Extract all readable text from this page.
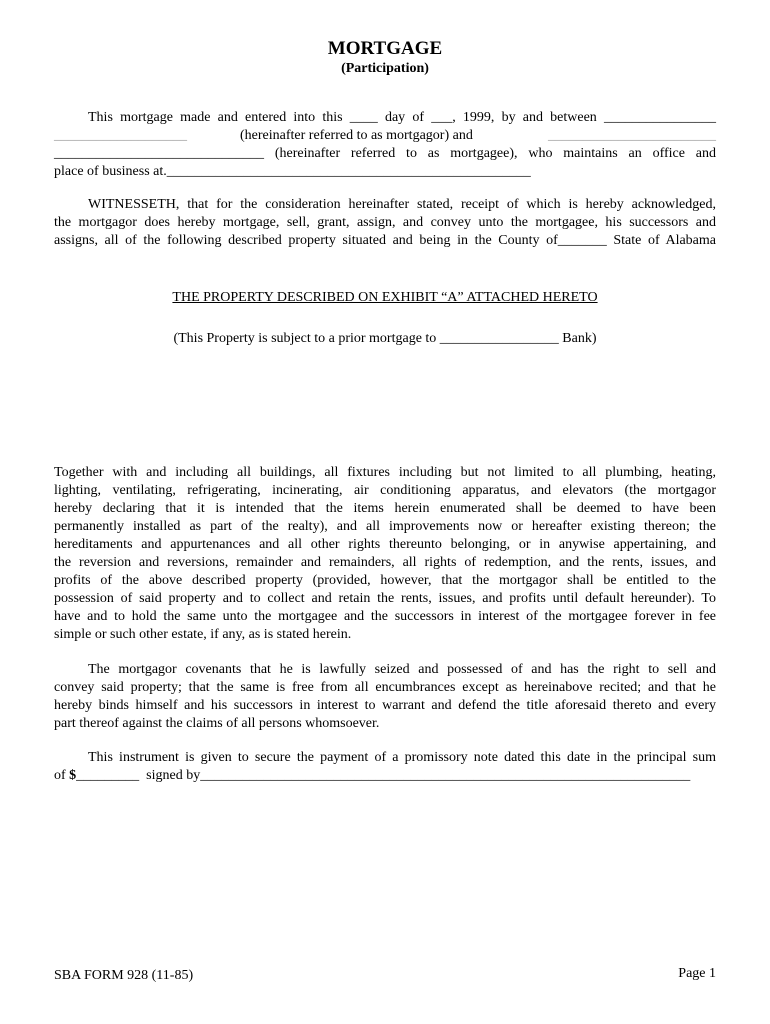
MORTGAGE
(Participation)
This mortgage made and entered into this ____ day of ___, 1999, by and between ________________
___________________	(hereinafter referred to as mortgagor) and	________________________
______________________________ (hereinafter referred to as mortgagee), who maintains an office and
place of business at.____________________________________________________
WITNESSETH, that for the consideration hereinafter stated, receipt of which is hereby acknowledged,
the mortgagor does hereby mortgage, sell, grant, assign, and convey unto the mortgagee, his successors and
assigns, all of the following described property situated and being in the County of_______ State of Alabama
THE PROPERTY DESCRIBED ON EXHIBIT “A” ATTACHED HERETO
(This Property is subject to a prior mortgage to _________________ Bank)
Together with and including all buildings, all fixtures including but not limited to all plumbing, heating,
lighting, ventilating, refrigerating, incinerating, air conditioning apparatus, and elevators (the mortgagor
hereby declaring that it is intended that the items herein enumerated shall be deemed to have been
permanently installed as part of the realty), and all improvements now or hereafter existing thereon; the
hereditaments and appurtenances and all other rights thereunto belonging, or in anywise appertaining, and
the reversion and reversions, remainder and remainders, all rights of redemption, and the rents, issues, and
profits of the above described property (provided, however, that the mortgagor shall be entitled to the
possession of said property and to collect and retain the rents, issues, and profits until default hereunder). To
have and to hold the same unto the mortgagee and the successors in interest of the mortgagee forever in fee
simple or such other estate, if any, as is stated herein.
The mortgagor covenants that he is lawfully seized and possessed of and has the right to sell and
convey said property; that the same is free from all encumbrances except as hereinabove recited; and that he
hereby binds himself and his successors in interest to warrant and defend the title aforesaid thereto and every
part thereof against the claims of all persons whomsoever.
This instrument is given to secure the payment of a promissory note dated this date in the principal sum
of $_________ signed by______________________________________________________________________
SBA FORM 928 (11-85)	Page 1
